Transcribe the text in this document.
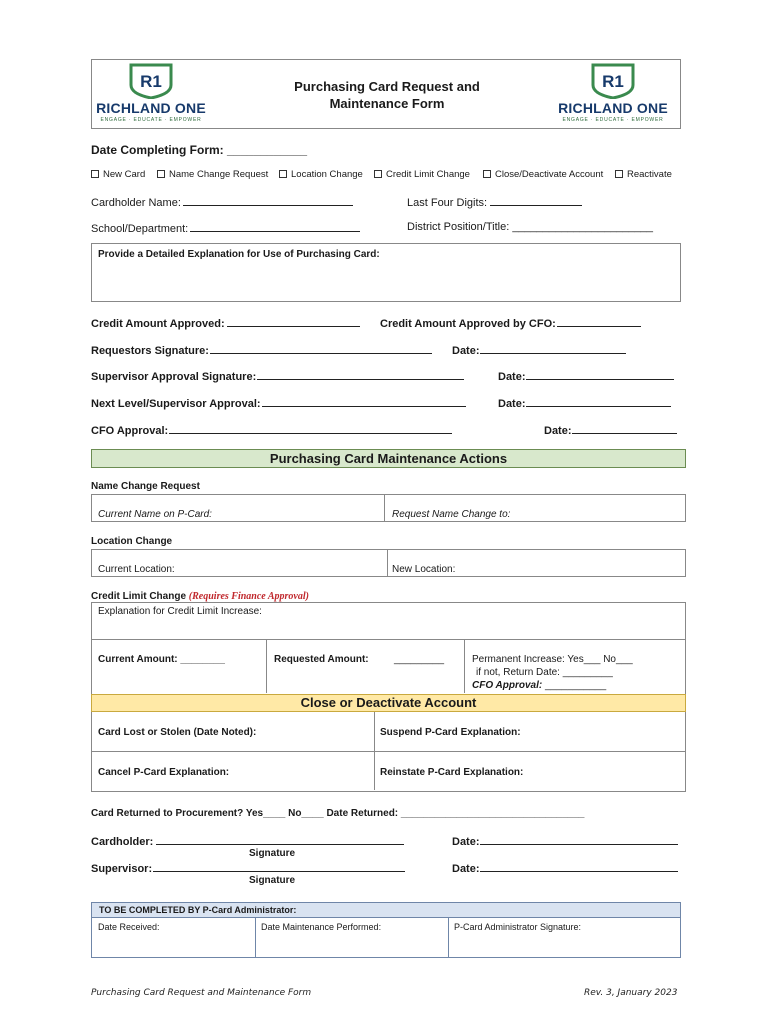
R1
RICHLAND ONE
ENGAGE · EDUCATE · EMPOWER
Purchasing Card Request and Maintenance Form
R1
RICHLAND ONE
ENGAGE · EDUCATE · EMPOWER
Date Completing Form: ____________
New Card	Name Change Request	Location Change	Credit Limit Change	Close/Deactivate Account	Reactivate
Cardholder Name:	Last Four Digits:
School/Department:	District Position/Title: _______________________
Provide a Detailed Explanation for Use of Purchasing Card:
Credit Amount Approved:	Credit Amount Approved by CFO:
Requestors Signature:	Date:
Supervisor Approval Signature:	Date:
Next Level/Supervisor Approval:	Date:
CFO Approval:	Date:
Purchasing Card Maintenance Actions
Name Change Request
Current Name on P-Card:	Request Name Change to:
Location Change
Current Location:	New Location:
Credit Limit Change (Requires Finance Approval)
Explanation for Credit Limit Increase:
Current Amount: ________	Requested Amount:	_________	Permanent Increase: Yes___ No___
if not, Return Date: _________
CFO Approval: ___________
Close or Deactivate Account
Card Lost or Stolen (Date Noted):	Suspend P-Card Explanation:
Cancel P-Card Explanation:	Reinstate P-Card Explanation:
Card Returned to Procurement? Yes____ No____ Date Returned: _________________________________
Cardholder:
Signature
Date:
Supervisor:
Signature
Date:
TO BE COMPLETED BY P-Card Administrator:
Date Received:	Date Maintenance Performed:	P-Card Administrator Signature:
Purchasing Card Request and Maintenance Form	Rev. 3, January 2023
